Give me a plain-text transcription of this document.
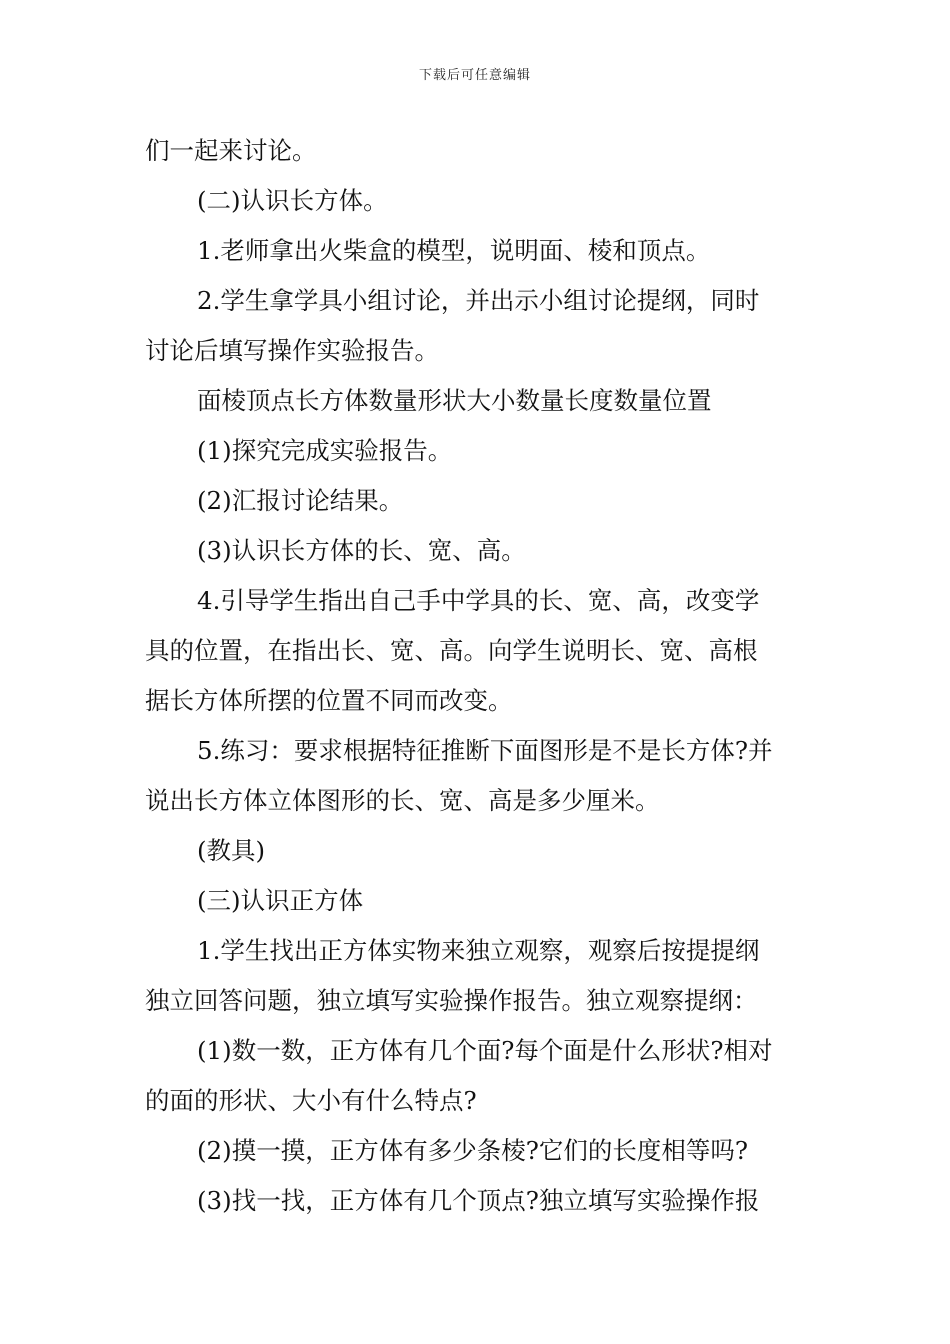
下载后可任意编辑
们一起来讨论。
(二)认识长方体。
1.老师拿出火柴盒的模型，说明面、棱和顶点。
2.学生拿学具小组讨论，并出示小组讨论提纲，同时
讨论后填写操作实验报告。
面棱顶点长方体数量形状大小数量长度数量位置
(1)探究完成实验报告。
(2)汇报讨论结果。
(3)认识长方体的长、宽、高。
4.引导学生指出自己手中学具的长、宽、高，改变学
具的位置，在指出长、宽、高。向学生说明长、宽、高根
据长方体所摆的位置不同而改变。
5.练习：要求根据特征推断下面图形是不是长方体?并
说出长方体立体图形的长、宽、高是多少厘米。
(教具)
(三)认识正方体
1.学生找出正方体实物来独立观察，观察后按提提纲
独立回答问题，独立填写实验操作报告。独立观察提纲：
(1)数一数，正方体有几个面?每个面是什么形状?相对
的面的形状、大小有什么特点?
(2)摸一摸，正方体有多少条棱?它们的长度相等吗?
(3)找一找，正方体有几个顶点?独立填写实验操作报
